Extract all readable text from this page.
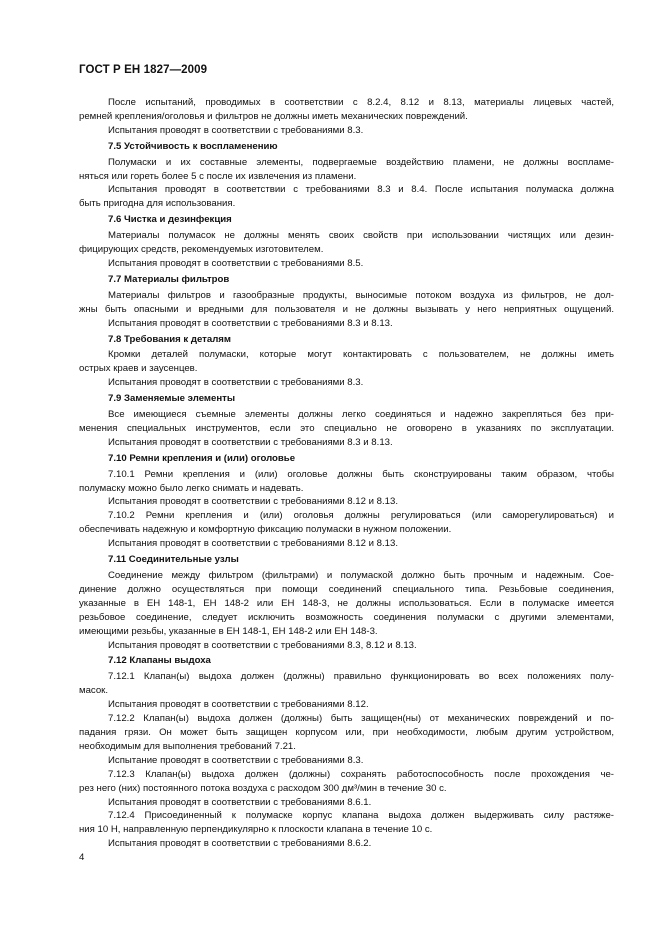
ГОСТ Р ЕН 1827—2009
После испытаний, проводимых в соответствии с 8.2.4, 8.12 и 8.13, материалы лицевых частей,
ремней крепления/оголовья и фильтров не должны иметь механических повреждений.
Испытания проводят в соответствии с требованиями 8.3.
7.5 Устойчивость к воспламенению
Полумаски и их составные элементы, подвергаемые воздействию пламени, не должны воспламе-
няться или гореть более 5 с после их извлечения из пламени.
Испытания проводят в соответствии с требованиями 8.3 и 8.4. После испытания полумаска должна
быть пригодна для использования.
7.6 Чистка и дезинфекция
Материалы полумасок не должны менять своих свойств при использовании чистящих или дезин-
фицирующих средств, рекомендуемых изготовителем.
Испытания проводят в соответствии с требованиями 8.5.
7.7 Материалы фильтров
Материалы фильтров и газообразные продукты, выносимые потоком воздуха из фильтров, не дол-
жны быть опасными и вредными для пользователя и не должны вызывать у него неприятных ощущений.
Испытания проводят в соответствии с требованиями 8.3 и 8.13.
7.8 Требования к деталям
Кромки деталей полумаски, которые могут контактировать с пользователем, не должны иметь
острых краев и заусенцев.
Испытания проводят в соответствии с требованиями 8.3.
7.9 Заменяемые элементы
Все имеющиеся съемные элементы должны легко соединяться и надежно закрепляться без при-
менения специальных инструментов, если это специально не оговорено в указаниях по эксплуатации.
Испытания проводят в соответствии с требованиями 8.3 и 8.13.
7.10 Ремни крепления и (или) оголовье
7.10.1 Ремни крепления и (или) оголовье должны быть сконструированы таким образом, чтобы
полумаску можно было легко снимать и надевать.
Испытания проводят в соответствии с требованиями 8.12 и 8.13.
7.10.2 Ремни крепления и (или) оголовья должны регулироваться (или саморегулироваться) и
обеспечивать надежную и комфортную фиксацию полумаски в нужном положении.
Испытания проводят в соответствии с требованиями 8.12 и 8.13.
7.11 Соединительные узлы
Соединение между фильтром (фильтрами) и полумаской должно быть прочным и надежным. Сое-
динение должно осуществляться при помощи соединений специального типа. Резьбовые соединения,
указанные в ЕН 148-1, ЕН 148-2 или ЕН 148-3, не должны использоваться. Если в полумаске имеется
резьбовое соединение, следует исключить возможность соединения полумаски с другими элементами,
имеющими резьбы, указанные в ЕН 148-1, ЕН 148-2 или ЕН 148-3.
Испытания проводят в соответствии с требованиями 8.3, 8.12 и 8.13.
7.12 Клапаны выдоха
7.12.1 Клапан(ы) выдоха должен (должны) правильно функционировать во всех положениях полу-
масок.
Испытания проводят в соответствии с требованиями 8.12.
7.12.2 Клапан(ы) выдоха должен (должны) быть защищен(ны) от механических повреждений и по-
падания грязи. Он может быть защищен корпусом или, при необходимости, любым другим устройством,
необходимым для выполнения требований 7.21.
Испытание проводят в соответствии с требованиями 8.3.
7.12.3 Клапан(ы) выдоха должен (должны) сохранять работоспособность после прохождения че-
рез него (них) постоянного потока воздуха с расходом 300 дм³/мин в течение 30 с.
Испытания проводят в соответствии с требованиями 8.6.1.
7.12.4 Присоединенный к полумаске корпус клапана выдоха должен выдерживать силу растяже-
ния 10 Н, направленную перпендикулярно к плоскости клапана в течение 10 с.
Испытания проводят в соответствии с требованиями 8.6.2.
4
